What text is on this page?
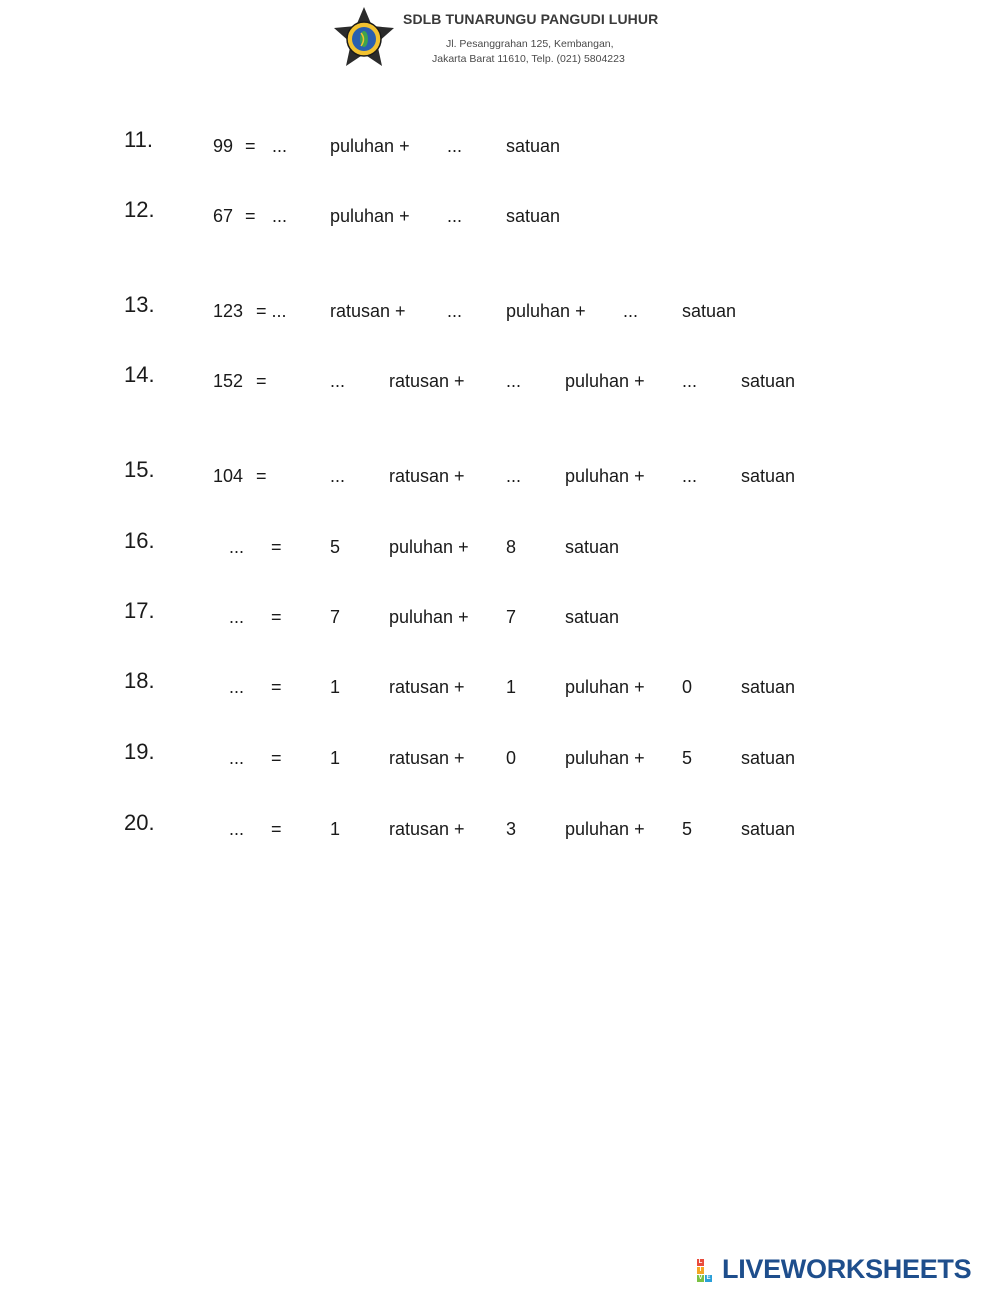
SDLB TUNARUNGU PANGUDI LUHUR
Jl. Pesanggrahan 125, Kembangan,
Jakarta Barat 11610, Telp. (021) 5804223
11.	99 = ... puluhan + ... satuan
12.	67 = ... puluhan + ... satuan
13.	123 = ... ratusan + ... puluhan + ... satuan
14.	152 =	... ratusan + ... puluhan + ... satuan
15.	104 =	... ratusan + ... puluhan + ... satuan
16.	... =	5	puluhan + 8	satuan
17.	... =	7	puluhan + 7	satuan
18.	... =	1	ratusan + 1	puluhan + 0	satuan
19.	... =	1	ratusan + 0	puluhan + 5	satuan
20.	... =	1	ratusan + 3	puluhan + 5	satuan
L
I
V E LIVEWORKSHEETS
